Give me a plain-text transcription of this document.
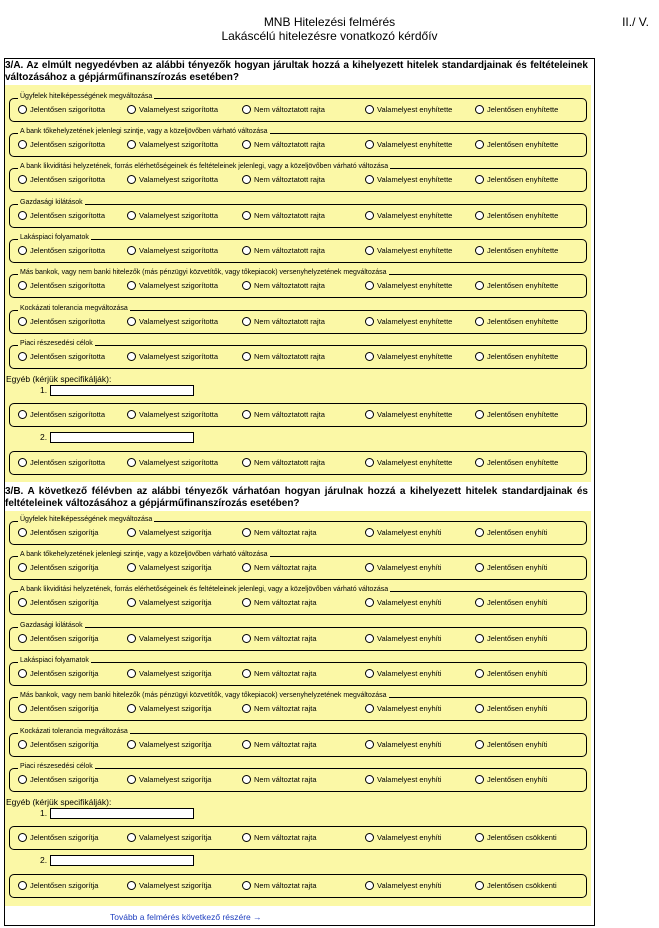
MNB Hitelezési felmérés
Lakáscélú hitelezésre vonatkozó kérdőív
II./ V.
3/A. Az elmúlt negyedévben az alábbi tényezők hogyan járultak hozzá a kihelyezett hitelek standardjainak és feltételeinek változásához a gépjárműfinanszírozás esetében?
3/B. A következő félévben az alábbi tényezők várhatóan hogyan járulnak hozzá a kihelyezett hitelek standardjainak és feltételeinek változásához a gépjárműfinanszírozás esetében?
Ügyfelek hitelképességének megváltozása
Jelentősen szigorította	Valamelyest szigorította	Nem változtatott rajta	Valamelyest enyhítette	Jelentősen enyhítette
A bank tőkehelyzetének jelenlegi szintje, vagy a közeljövőben várható változása
Jelentősen szigorította	Valamelyest szigorította	Nem változtatott rajta	Valamelyest enyhítette	Jelentősen enyhítette
A bank likviditási helyzetének, forrás elérhetőségeinek és feltételeinek jelenlegi, vagy a közeljövőben várható változása
Jelentősen szigorította	Valamelyest szigorította	Nem változtatott rajta	Valamelyest enyhítette	Jelentősen enyhítette
Gazdasági kilátások
Jelentősen szigorította	Valamelyest szigorította	Nem változtatott rajta	Valamelyest enyhítette	Jelentősen enyhítette
Lakáspiaci folyamatok
Jelentősen szigorította	Valamelyest szigorította	Nem változtatott rajta	Valamelyest enyhítette	Jelentősen enyhítette
Más bankok, vagy nem banki hitelezők (más pénzügyi közvetítők, vagy tőkepiacok) versenyhelyzetének megváltozása
Jelentősen szigorította	Valamelyest szigorította	Nem változtatott rajta	Valamelyest enyhítette	Jelentősen enyhítette
Kockázati tolerancia megváltozása
Jelentősen szigorította	Valamelyest szigorította	Nem változtatott rajta	Valamelyest enyhítette	Jelentősen enyhítette
Piaci részesedési célok
Jelentősen szigorította	Valamelyest szigorította	Nem változtatott rajta	Valamelyest enyhítette	Jelentősen enyhítette
Jelentősen szigorította	Valamelyest szigorította	Nem változtatott rajta	Valamelyest enyhítette	Jelentősen enyhítette
Jelentősen szigorította	Valamelyest szigorította	Nem változtatott rajta	Valamelyest enyhítette	Jelentősen enyhítette
Ügyfelek hitelképességének megváltozása
Jelentősen szigorítja	Valamelyest szigorítja	Nem változtat rajta	Valamelyest enyhíti	Jelentősen enyhíti
A bank tőkehelyzetének jelenlegi szintje, vagy a közeljövőben várható változása
Jelentősen szigorítja	Valamelyest szigorítja	Nem változtat rajta	Valamelyest enyhíti	Jelentősen enyhíti
A bank likviditási helyzetének, forrás elérhetőségeinek és feltételeinek jelenlegi, vagy a közeljövőben várható változása
Jelentősen szigorítja	Valamelyest szigorítja	Nem változtat rajta	Valamelyest enyhíti	Jelentősen enyhíti
Gazdasági kilátások
Jelentősen szigorítja	Valamelyest szigorítja	Nem változtat rajta	Valamelyest enyhíti	Jelentősen enyhíti
Lakáspiaci folyamatok
Jelentősen szigorítja	Valamelyest szigorítja	Nem változtat rajta	Valamelyest enyhíti	Jelentősen enyhíti
Más bankok, vagy nem banki hitelezők (más pénzügyi közvetítők, vagy tőkepiacok) versenyhelyzetének megváltozása
Jelentősen szigorítja	Valamelyest szigorítja	Nem változtat rajta	Valamelyest enyhíti	Jelentősen enyhíti
Kockázati tolerancia megváltozása
Jelentősen szigorítja	Valamelyest szigorítja	Nem változtat rajta	Valamelyest enyhíti	Jelentősen enyhíti
Piaci részesedési célok
Jelentősen szigorítja	Valamelyest szigorítja	Nem változtat rajta	Valamelyest enyhíti	Jelentősen enyhíti
Jelentősen szigorítja	Valamelyest szigorítja	Nem változtat rajta	Valamelyest enyhíti	Jelentősen csökkenti
Jelentősen szigorítja	Valamelyest szigorítja	Nem változtat rajta	Valamelyest enyhíti	Jelentősen csökkenti
Egyéb (kérjük specifikálják):
1.
2.
Egyéb (kérjük specifikálják):
1.
2.
Tovább a felmérés következő részére →
